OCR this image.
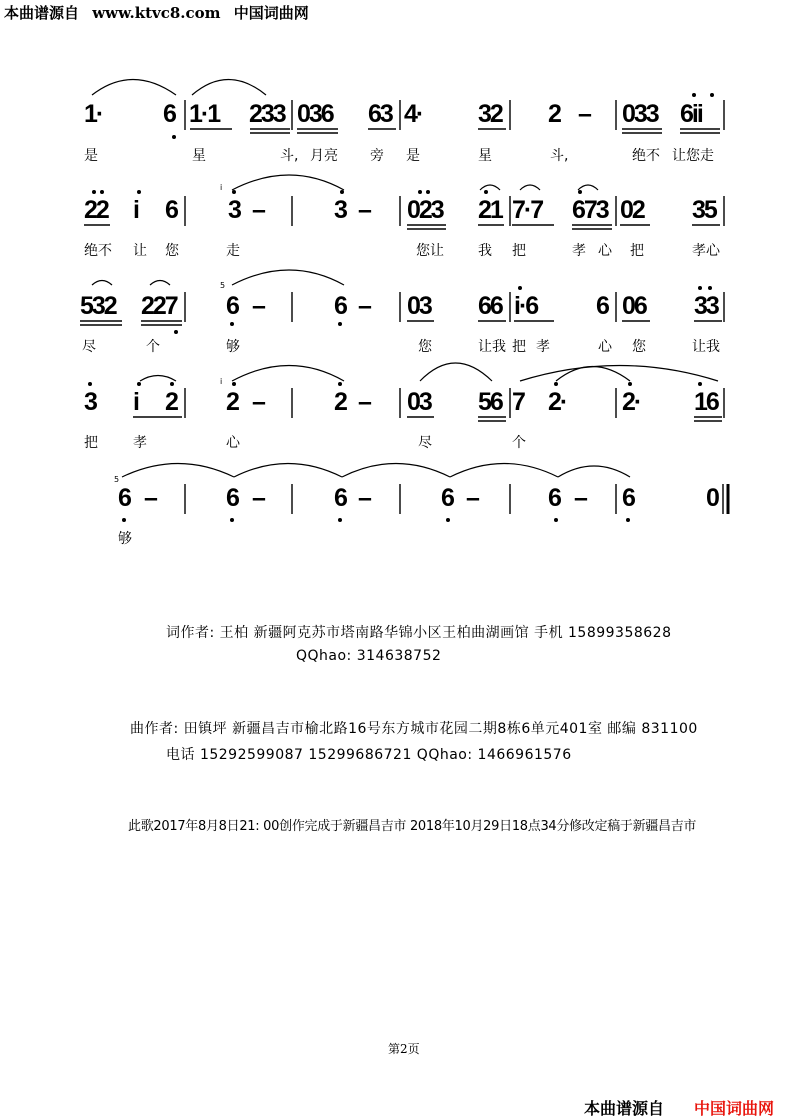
本曲谱源自 www.ktvc8.com 中国词曲网
1· 6 1·1 233 036 63 4· 32 2 – 033 6ii
是	星	斗, 月亮 旁 是	星	斗,	绝不 让您走
22 i 6 3 –	3 – 023 21 7·7 673 02 35
绝不 让 您	走	您让 我 把	孝 心 把	孝心
532 227 6 –	6 – 03 66 i·6 6 06 33
尽	个	够	您	让我 把 孝	心 您	让我
3 i 2 2 –	2 – 03 56 7 2· 2· 16
把	孝	心	尽	个
6 –	6 –	6 –	6 –	6 – 6	0
够
i
5
i
5
词作者: 王柏 新疆阿克苏市塔南路华锦小区王柏曲湖画馆 手机 15899358628
QQhao: 314638752
曲作者: 田镇坪 新疆昌吉市榆北路16号东方城市花园二期8栋6单元401室 邮编 831100
电话 15292599087 15299686721 QQhao: 1466961576
此歌2017年8月8日21: 00创作完成于新疆昌吉市 2018年10月29日18点34分修改定稿于新疆昌吉市
第2页
本曲谱源自 中国词曲网
